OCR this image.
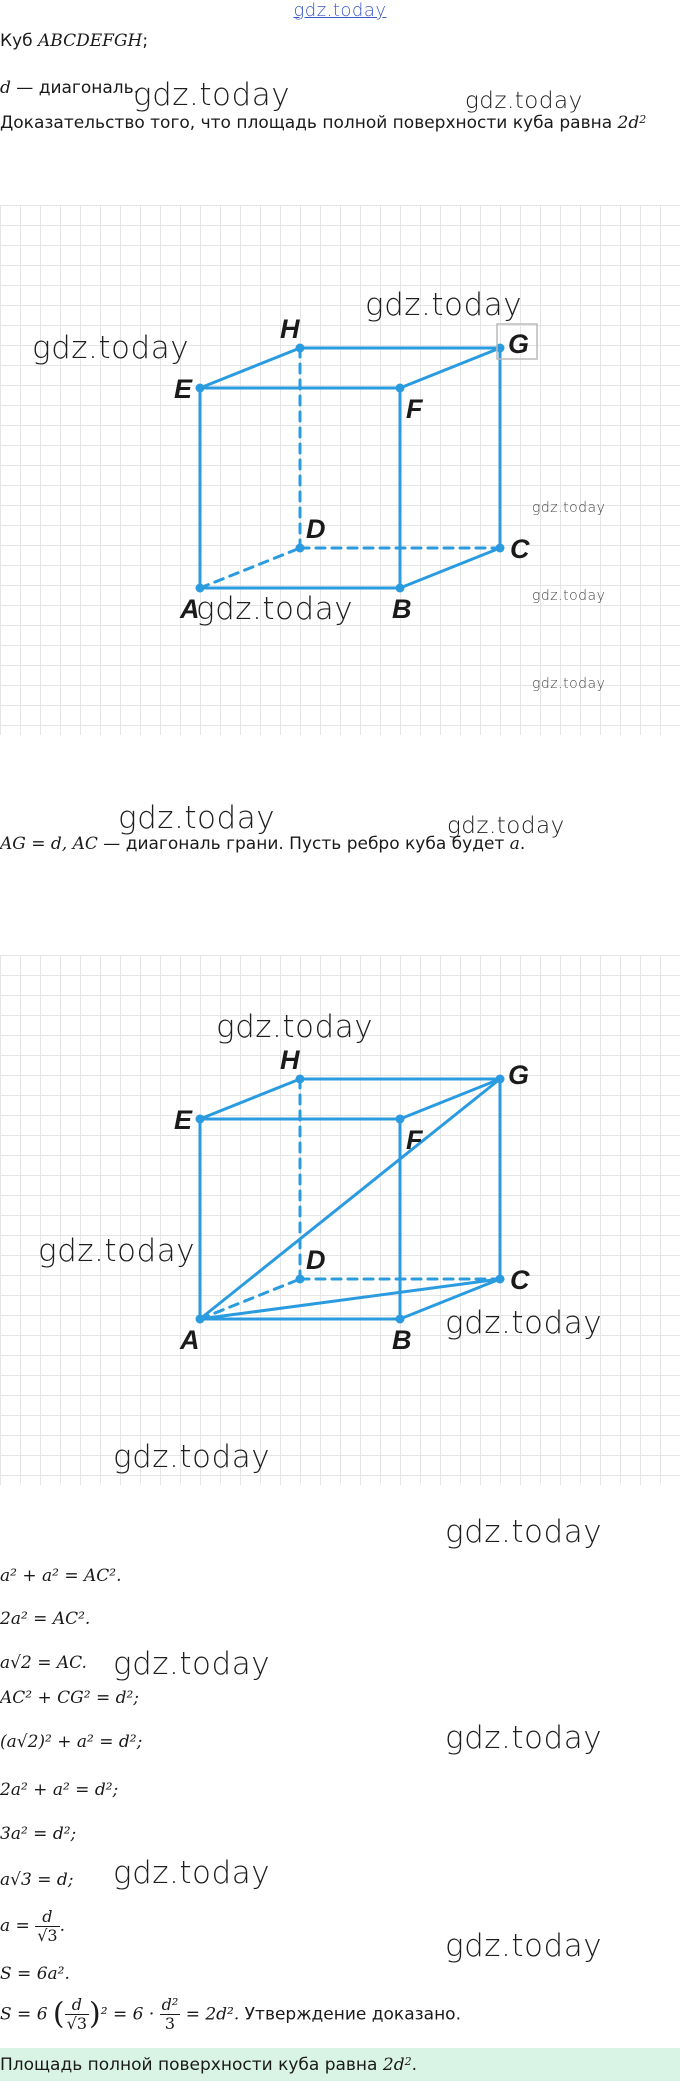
gdz.today
Куб ABCDEFGH;
d — диагональ.
Доказательство того, что площадь полной поверхности куба равна $2d^2$
gdz.today	gdz.today
A	B
C
D
E
F
G
H
gdz.today
gdz.today
gdz.today
gdz.today
gdz.today
gdz.today
AG = d, AC — диагональ грани. Пусть ребро куба будет a.
gdz.today	gdz.today
A	B
C
D
E
F
G
H
gdz.today
gdz.today
gdz.today
gdz.today
a² + a² = AC².
2a² = AC².
a√2 = AC.
AC² + CG² = d²;
(a√2)² + a² = d²;
2a² + a² = d²;
3a² = d²;
a√3 = d;
$a = \frac{d}{√3}$ .
S = 6a².
S = 6 ( $\frac{d}{√3} )^2 = 6 \cdot \frac{\text{d²}}{3} = 2d^2$. Утверждение доказано.
gdz.today
gdz.today
gdz.today
gdz.today
gdz.today
Площадь полной поверхности куба равна $2d^2$.
